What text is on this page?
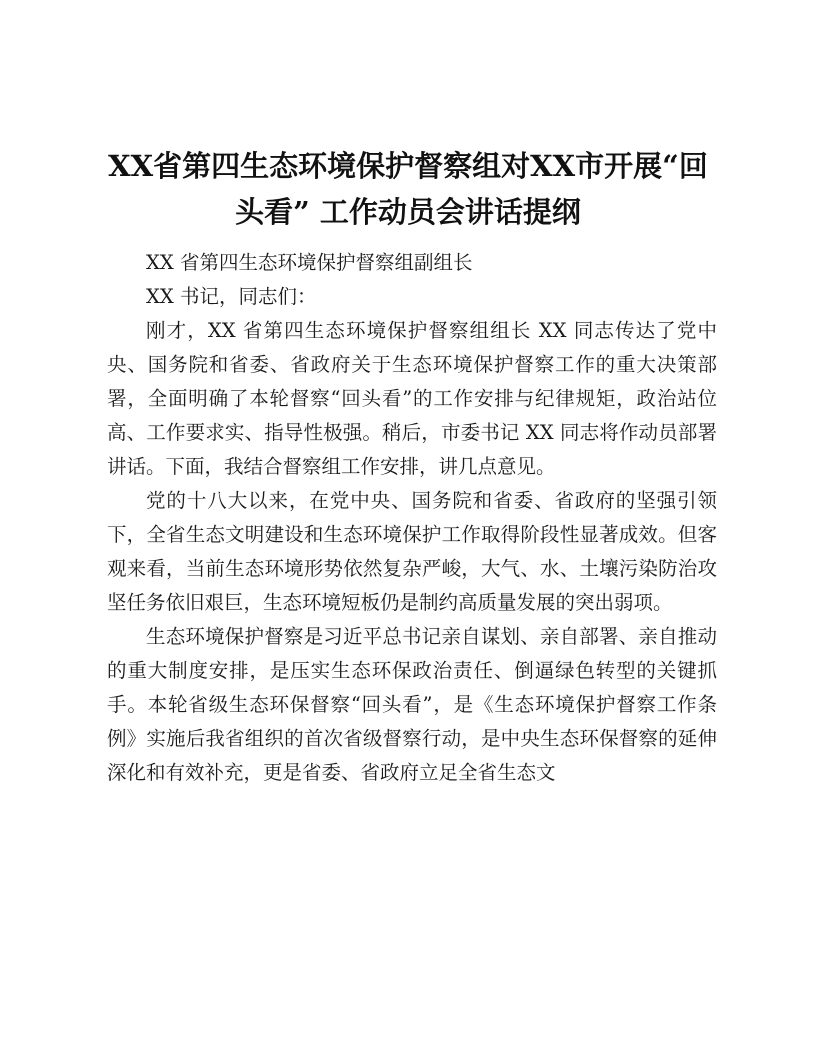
XX省第四生态环境保护督察组对XX市开展“回头看” 工作动员会讲话提纲

XX 省第四生态环境保护督察组副组长

XX 书记，同志们：

刚才，XX 省第四生态环境保护督察组组长 XX 同志传达了党中央、国务院和省委、省政府关于生态环境保护督察工作的重大决策部署，全面明确了本轮督察“回头看”的工作安排与纪律规矩，政治站位高、工作要求实、指导性极强。稍后，市委书记 XX 同志将作动员部署讲话。下面，我结合督察组工作安排，讲几点意见。

党的十八大以来，在党中央、国务院和省委、省政府的坚强引领下，全省生态文明建设和生态环境保护工作取得阶段性显著成效。但客观来看，当前生态环境形势依然复杂严峻，大气、水、土壤污染防治攻坚任务依旧艰巨，生态环境短板仍是制约高质量发展的突出弱项。

生态环境保护督察是习近平总书记亲自谋划、亲自部署、亲自推动的重大制度安排，是压实生态环保政治责任、倒逼绿色转型的关键抓手。本轮省级生态环保督察“回头看”，是《生态环境保护督察工作条例》实施后我省组织的首次省级督察行动，是中央生态环保督察的延伸深化和有效补充，更是省委、省政府立足全省生态文
